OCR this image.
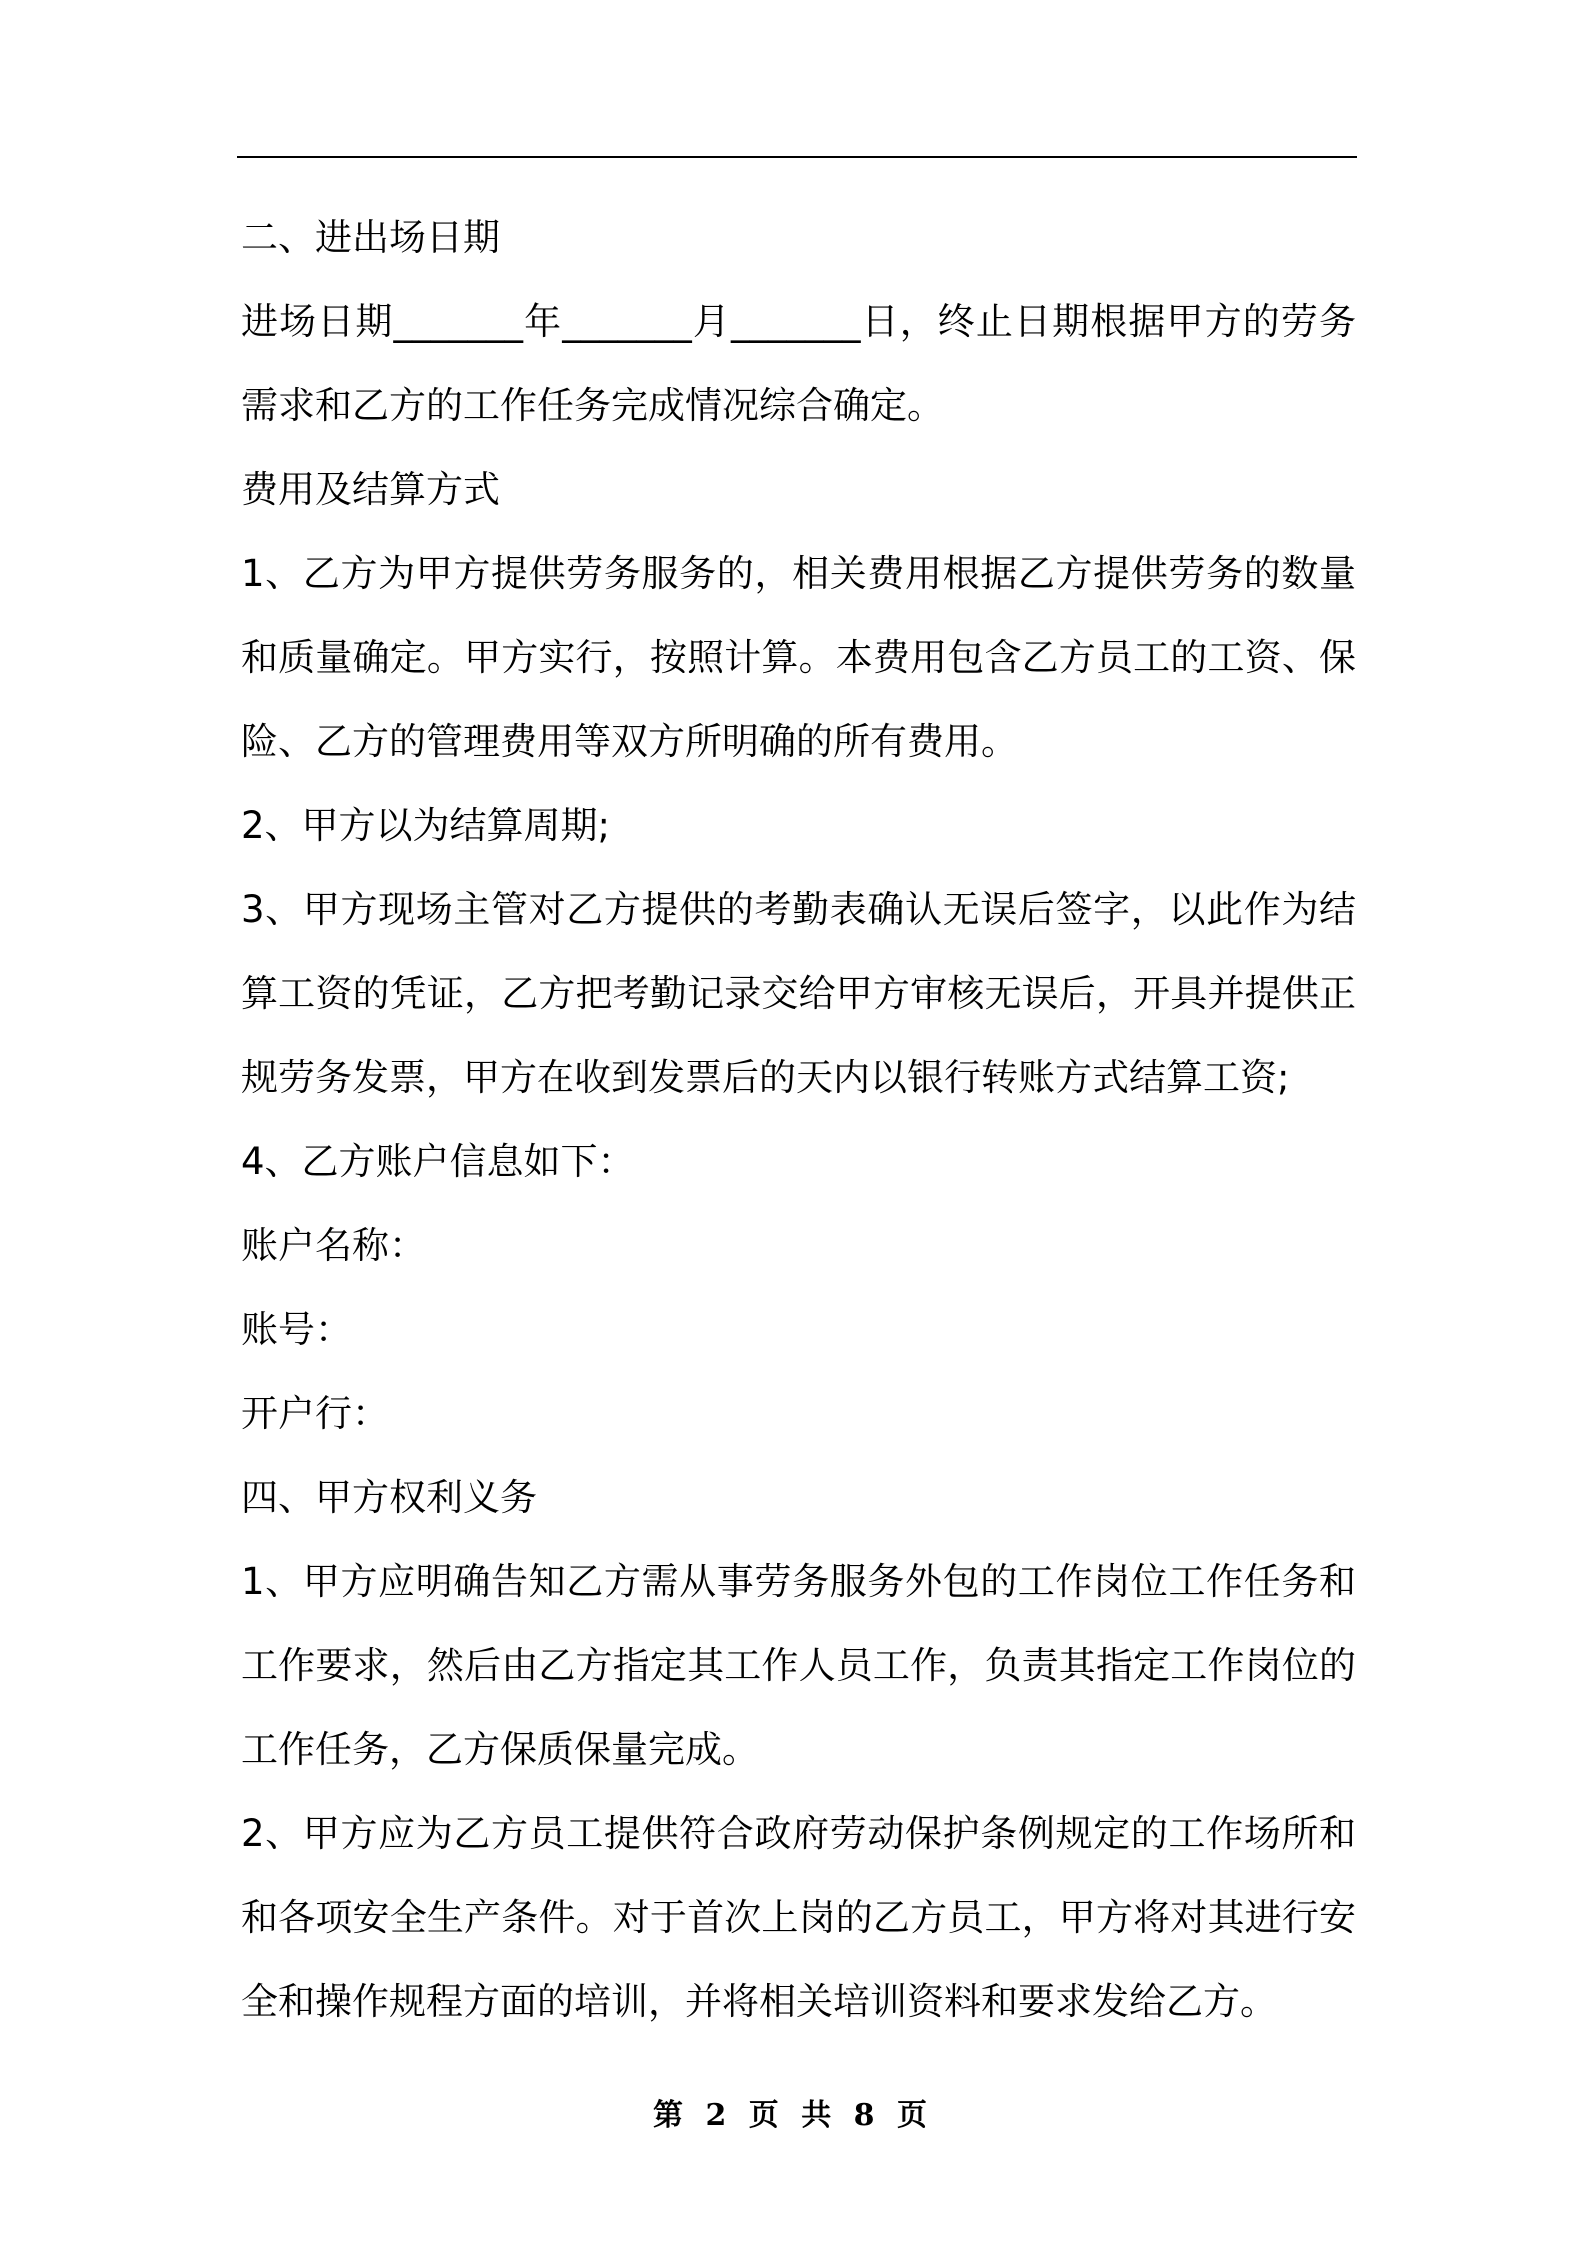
二、进出场日期

进场日期_______年_______月_______日，终止日期根据甲方的劳务需求和乙方的工作任务完成情况综合确定。

费用及结算方式

1、乙方为甲方提供劳务服务的，相关费用根据乙方提供劳务的数量和质量确定。甲方实行，按照计算。本费用包含乙方员工的工资、保险、乙方的管理费用等双方所明确的所有费用。

2、甲方以为结算周期;

3、甲方现场主管对乙方提供的考勤表确认无误后签字，以此作为结算工资的凭证，乙方把考勤记录交给甲方审核无误后，开具并提供正规劳务发票，甲方在收到发票后的天内以银行转账方式结算工资;

4、乙方账户信息如下：

账户名称：

账号：

开户行：

四、甲方权利义务

1、甲方应明确告知乙方需从事劳务服务外包的工作岗位工作任务和工作要求，然后由乙方指定其工作人员工作，负责其指定工作岗位的工作任务，乙方保质保量完成。

2、甲方应为乙方员工提供符合政府劳动保护条例规定的工作场所和和各项安全生产条件。对于首次上岗的乙方员工，甲方将对其进行安全和操作规程方面的培训，并将相关培训资料和要求发给乙方。

第 2 页 共 8 页
